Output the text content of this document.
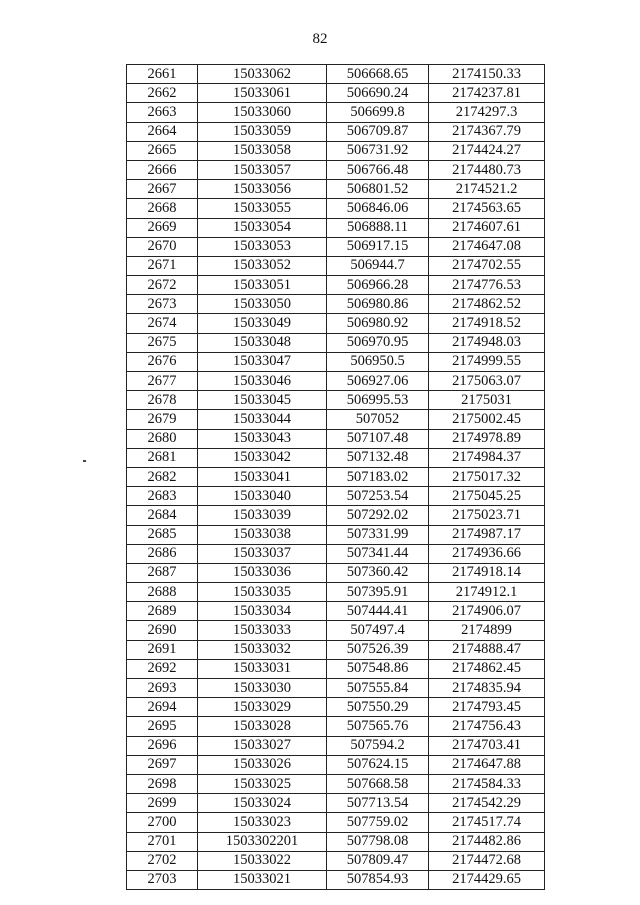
82
2661	15033062	506668.65	2174150.33
2662	15033061	506690.24	2174237.81
2663	15033060	506699.8	2174297.3
2664	15033059	506709.87	2174367.79
2665	15033058	506731.92	2174424.27
2666	15033057	506766.48	2174480.73
2667	15033056	506801.52	2174521.2
2668	15033055	506846.06	2174563.65
2669	15033054	506888.11	2174607.61
2670	15033053	506917.15	2174647.08
2671	15033052	506944.7	2174702.55
2672	15033051	506966.28	2174776.53
2673	15033050	506980.86	2174862.52
2674	15033049	506980.92	2174918.52
2675	15033048	506970.95	2174948.03
2676	15033047	506950.5	2174999.55
2677	15033046	506927.06	2175063.07
2678	15033045	506995.53	2175031
2679	15033044	507052	2175002.45
2680	15033043	507107.48	2174978.89
2681	15033042	507132.48	2174984.37
2682	15033041	507183.02	2175017.32
2683	15033040	507253.54	2175045.25
2684	15033039	507292.02	2175023.71
2685	15033038	507331.99	2174987.17
2686	15033037	507341.44	2174936.66
2687	15033036	507360.42	2174918.14
2688	15033035	507395.91	2174912.1
2689	15033034	507444.41	2174906.07
2690	15033033	507497.4	2174899
2691	15033032	507526.39	2174888.47
2692	15033031	507548.86	2174862.45
2693	15033030	507555.84	2174835.94
2694	15033029	507550.29	2174793.45
2695	15033028	507565.76	2174756.43
2696	15033027	507594.2	2174703.41
2697	15033026	507624.15	2174647.88
2698	15033025	507668.58	2174584.33
2699	15033024	507713.54	2174542.29
2700	15033023	507759.02	2174517.74
2701	1503302201	507798.08	2174482.86
2702	15033022	507809.47	2174472.68
2703	15033021	507854.93	2174429.65
